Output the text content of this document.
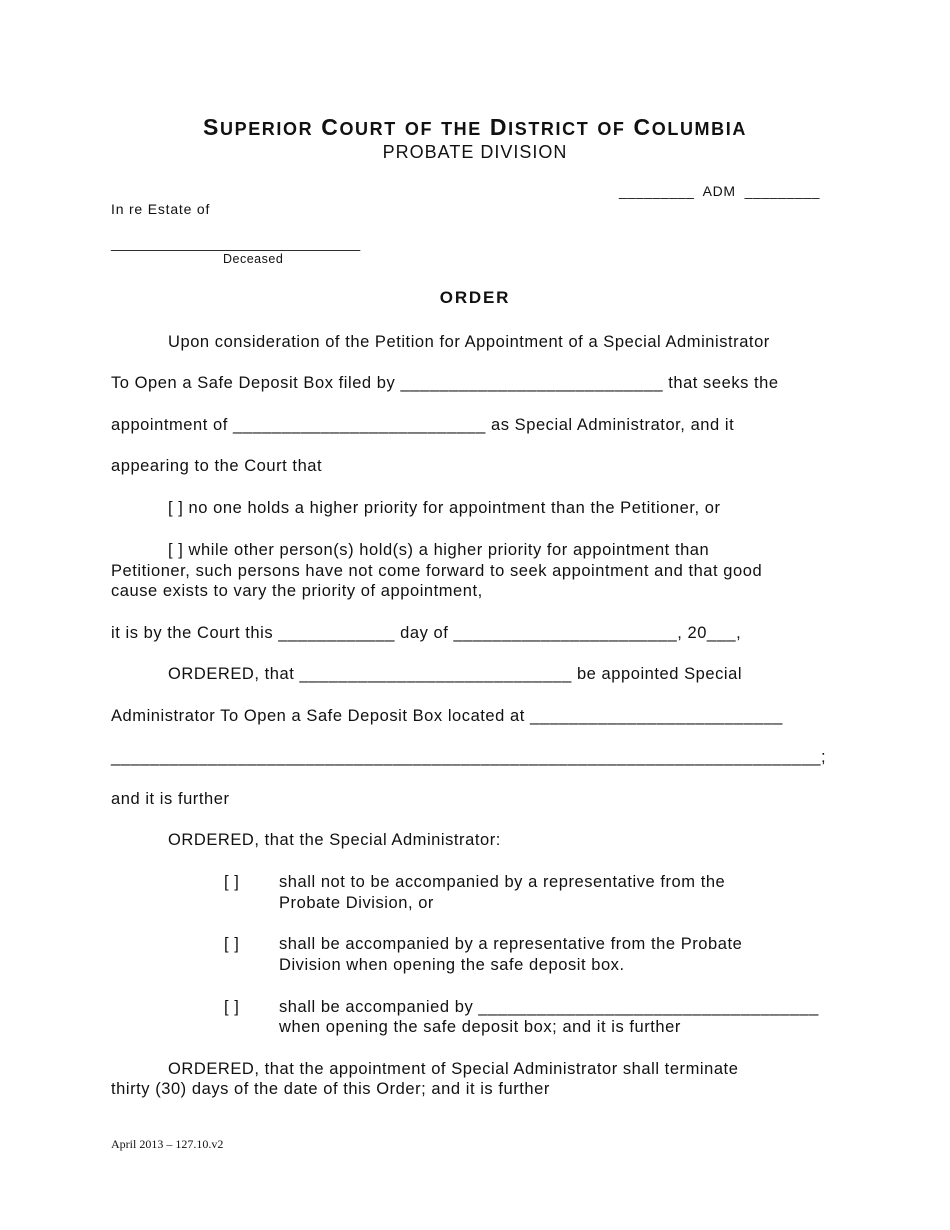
SUPERIOR COURT OF THE DISTRICT OF COLUMBIA
PROBATE DIVISION
_________  ADM  _________
In re Estate of
________________________________
Deceased
ORDER
Upon consideration of the Petition for Appointment of a Special Administrator
To Open a Safe Deposit Box filed by ___________________________ that seeks the
appointment of __________________________ as Special Administrator, and it
appearing to the Court that
[ ] no one holds a higher priority for appointment than the Petitioner, or
[ ] while other person(s) hold(s) a higher priority for appointment than
Petitioner, such persons have not come forward to seek appointment and that good
cause exists to vary the priority of appointment,
it is by the Court this ____________ day of _______________________, 20___,
ORDERED, that ____________________________ be appointed Special
Administrator To Open a Safe Deposit Box located at __________________________
_________________________________________________________________________;
and it is further
ORDERED, that the Special Administrator:
[ ] shall not to be accompanied by a representative from the
Probate Division, or
[ ] shall be accompanied by a representative from the Probate
Division when opening the safe deposit box.
[ ] shall be accompanied by ___________________________________
when opening the safe deposit box; and it is further
ORDERED, that the appointment of Special Administrator shall terminate
thirty (30) days of the date of this Order; and it is further
April 2013 – 127.10.v2
